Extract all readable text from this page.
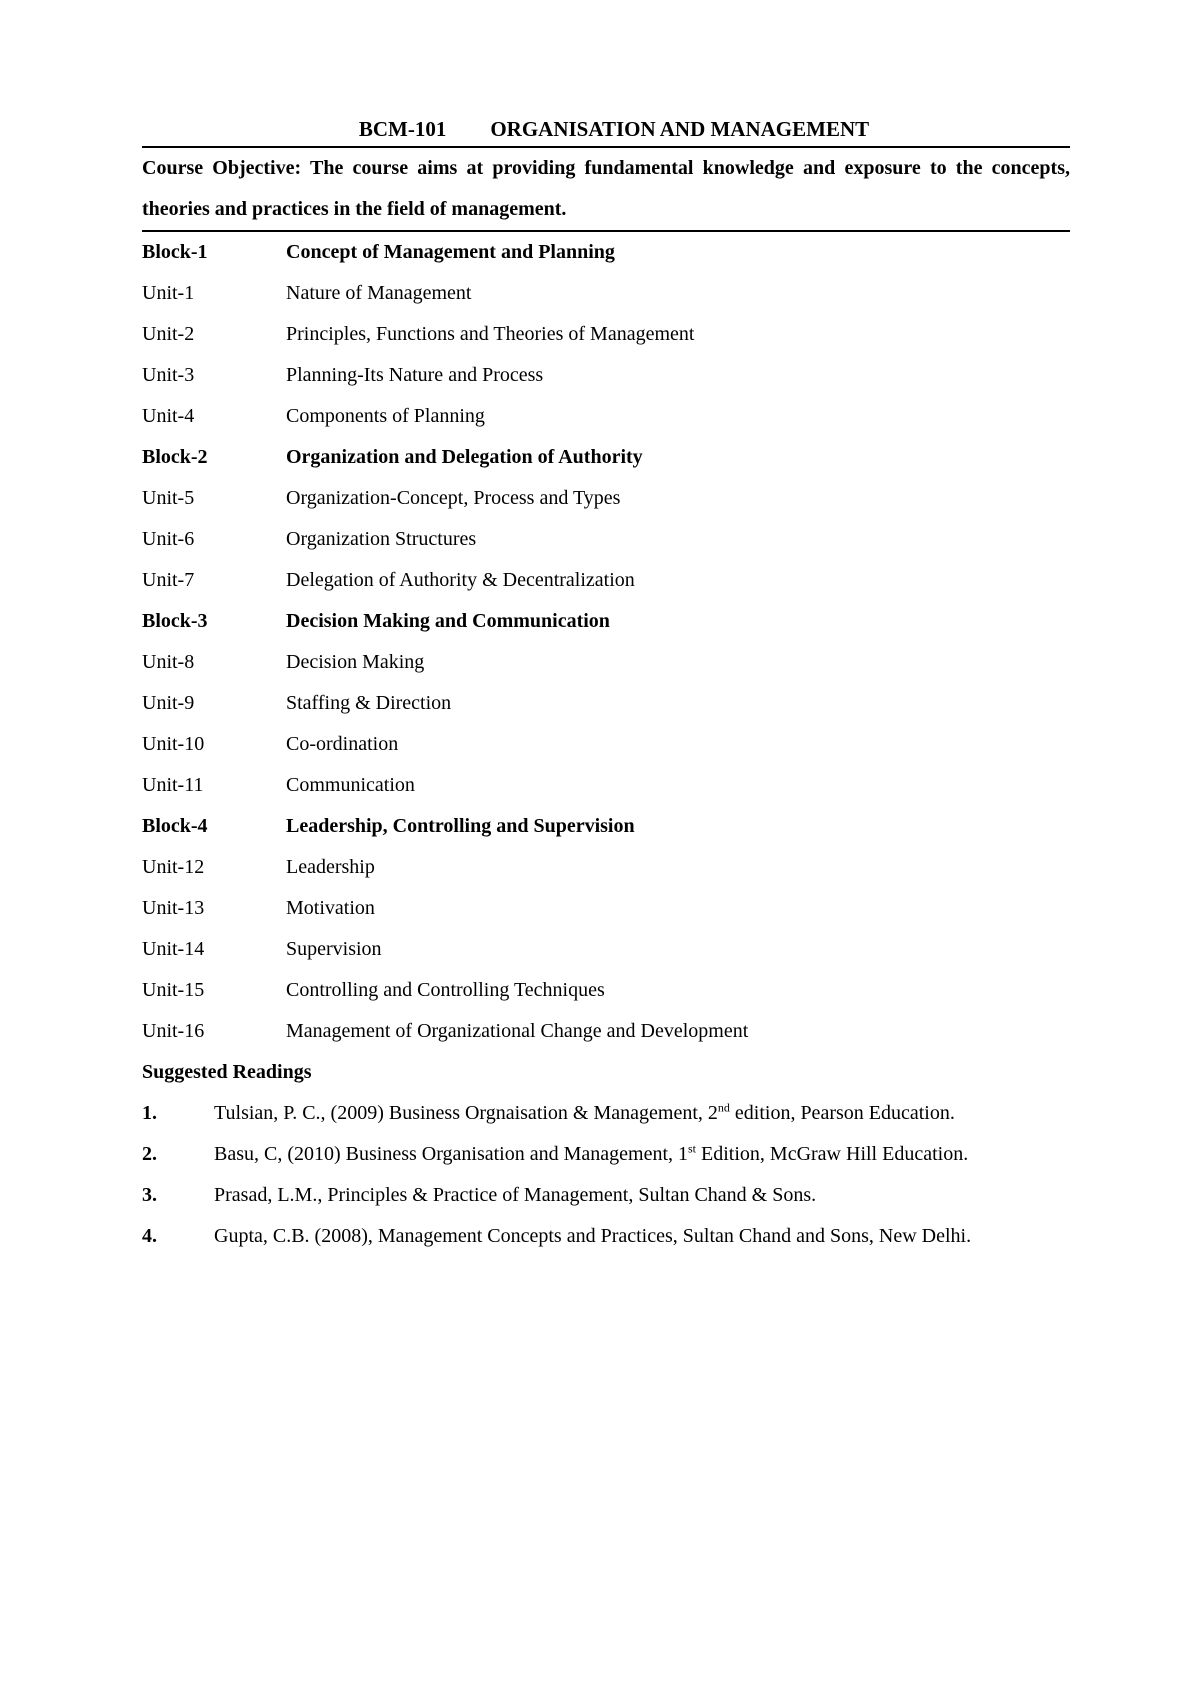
BCM-101 ORGANISATION AND MANAGEMENT

Course Objective: The course aims at providing fundamental knowledge and exposure to the concepts, theories and practices in the field of management.

Block-1	Concept of Management and Planning
Unit-1	Nature of Management
Unit-2	Principles, Functions and Theories of Management
Unit-3	Planning-Its Nature and Process
Unit-4	Components of Planning
Block-2	Organization and Delegation of Authority
Unit-5	Organization-Concept, Process and Types
Unit-6	Organization Structures
Unit-7	Delegation of Authority & Decentralization
Block-3	Decision Making and Communication
Unit-8	Decision Making
Unit-9	Staffing & Direction
Unit-10	Co-ordination
Unit-11	Communication
Block-4	Leadership, Controlling and Supervision
Unit-12	Leadership
Unit-13	Motivation
Unit-14	Supervision
Unit-15	Controlling and Controlling Techniques
Unit-16	Management of Organizational Change and Development
Suggested Readings
1.	Tulsian, P. C., (2009) Business Orgnaisation & Management, 2nd edition, Pearson Education.
2.	Basu, C, (2010) Business Organisation and Management, 1st Edition, McGraw Hill Education.
3.	Prasad, L.M., Principles & Practice of Management, Sultan Chand & Sons.
4.	Gupta, C.B. (2008), Management Concepts and Practices, Sultan Chand and Sons, New Delhi.
